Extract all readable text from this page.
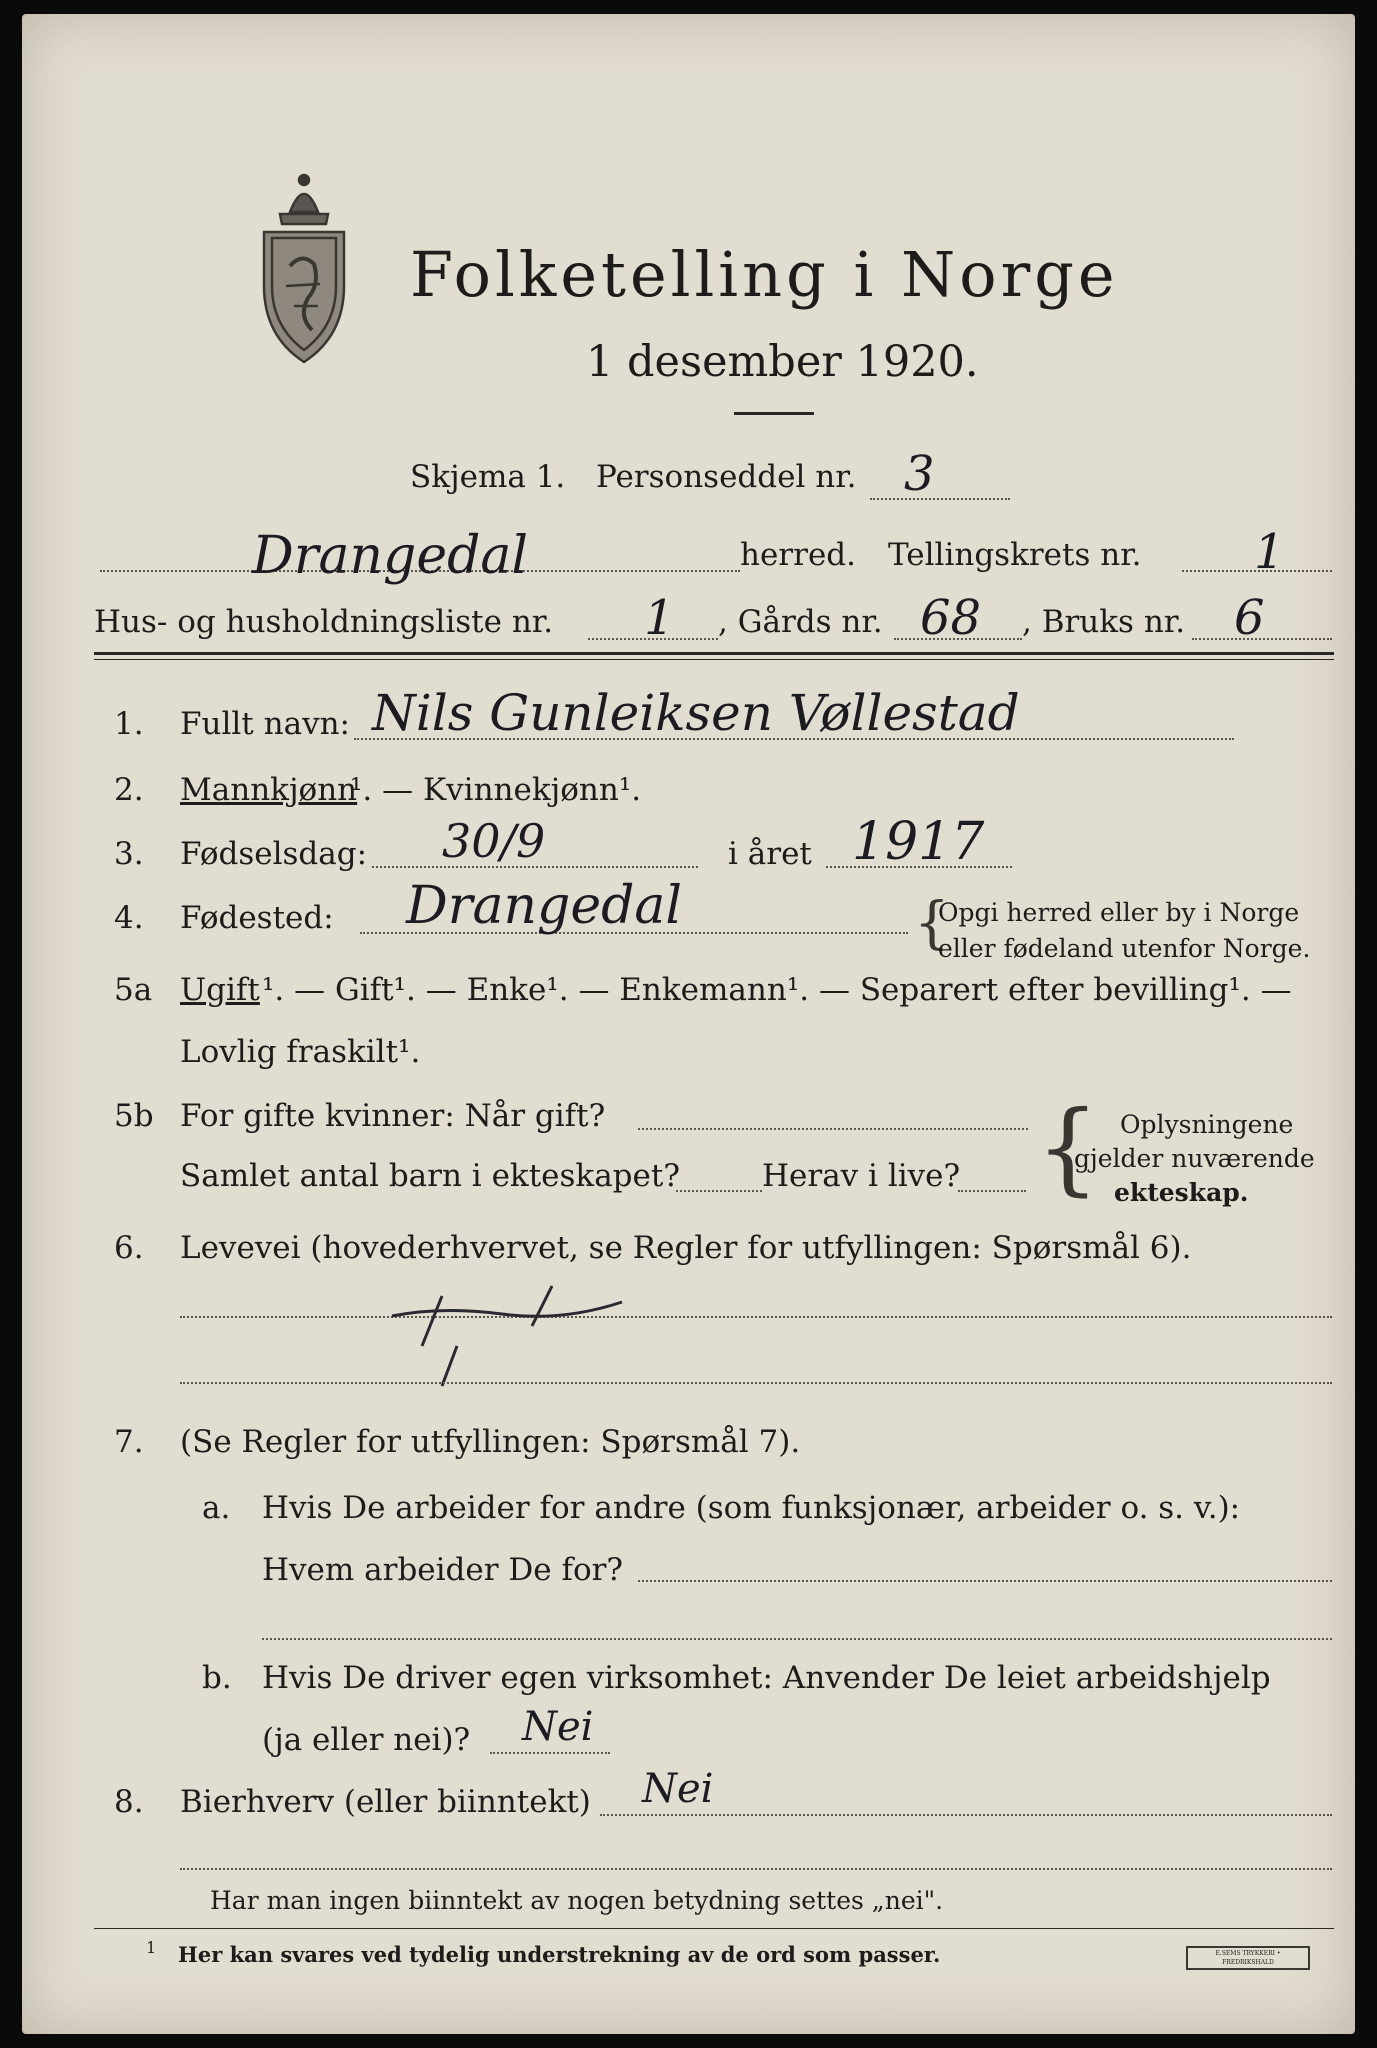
Folketelling i Norge
1 desember 1920.
Skjema 1. Personseddel nr. 3
Drangedal	herred. Tellingskrets nr. 1
Hus- og husholdningsliste nr. 1 , Gårds nr. 68 , Bruks nr. 6
1. Fullt navn: Nils Gunleiksen Vøllestad
2. Mannkjønn
¹. — Kvinnekjønn¹.
3. Fødselsdag: 30/9	i året 1917
4. Fødested: Drangedal	{
Opgi herred eller by i Norge
eller fødeland utenfor Norge.
5a Ugift ¹. — Gift¹. — Enke¹. — Enkemann¹. — Separert efter bevilling¹. —
Lovlig fraskilt¹.
5b For gifte kvinner: Når gift?
Samlet antal barn i ekteskapet?	Herav i live? { Oplysningene
gjelder nuværende
ekteskap.
6. Levevei (hovederhvervet, se Regler for utfyllingen: Spørsmål 6).
7. (Se Regler for utfyllingen: Spørsmål 7).
a. Hvis De arbeider for andre (som funksjonær, arbeider o. s. v.):
Hvem arbeider De for?
b. Hvis De driver egen virksomhet: Anvender De leiet arbeidshjelp
(ja eller nei)? Nei
8. Bierhverv (eller biinntekt) Nei
Har man ingen biinntekt av nogen betydning settes „nei".
1 Her kan svares ved tydelig understrekning av de ord som passer.	E.SEMS TRYKKERI • FREDRIKSHALD
